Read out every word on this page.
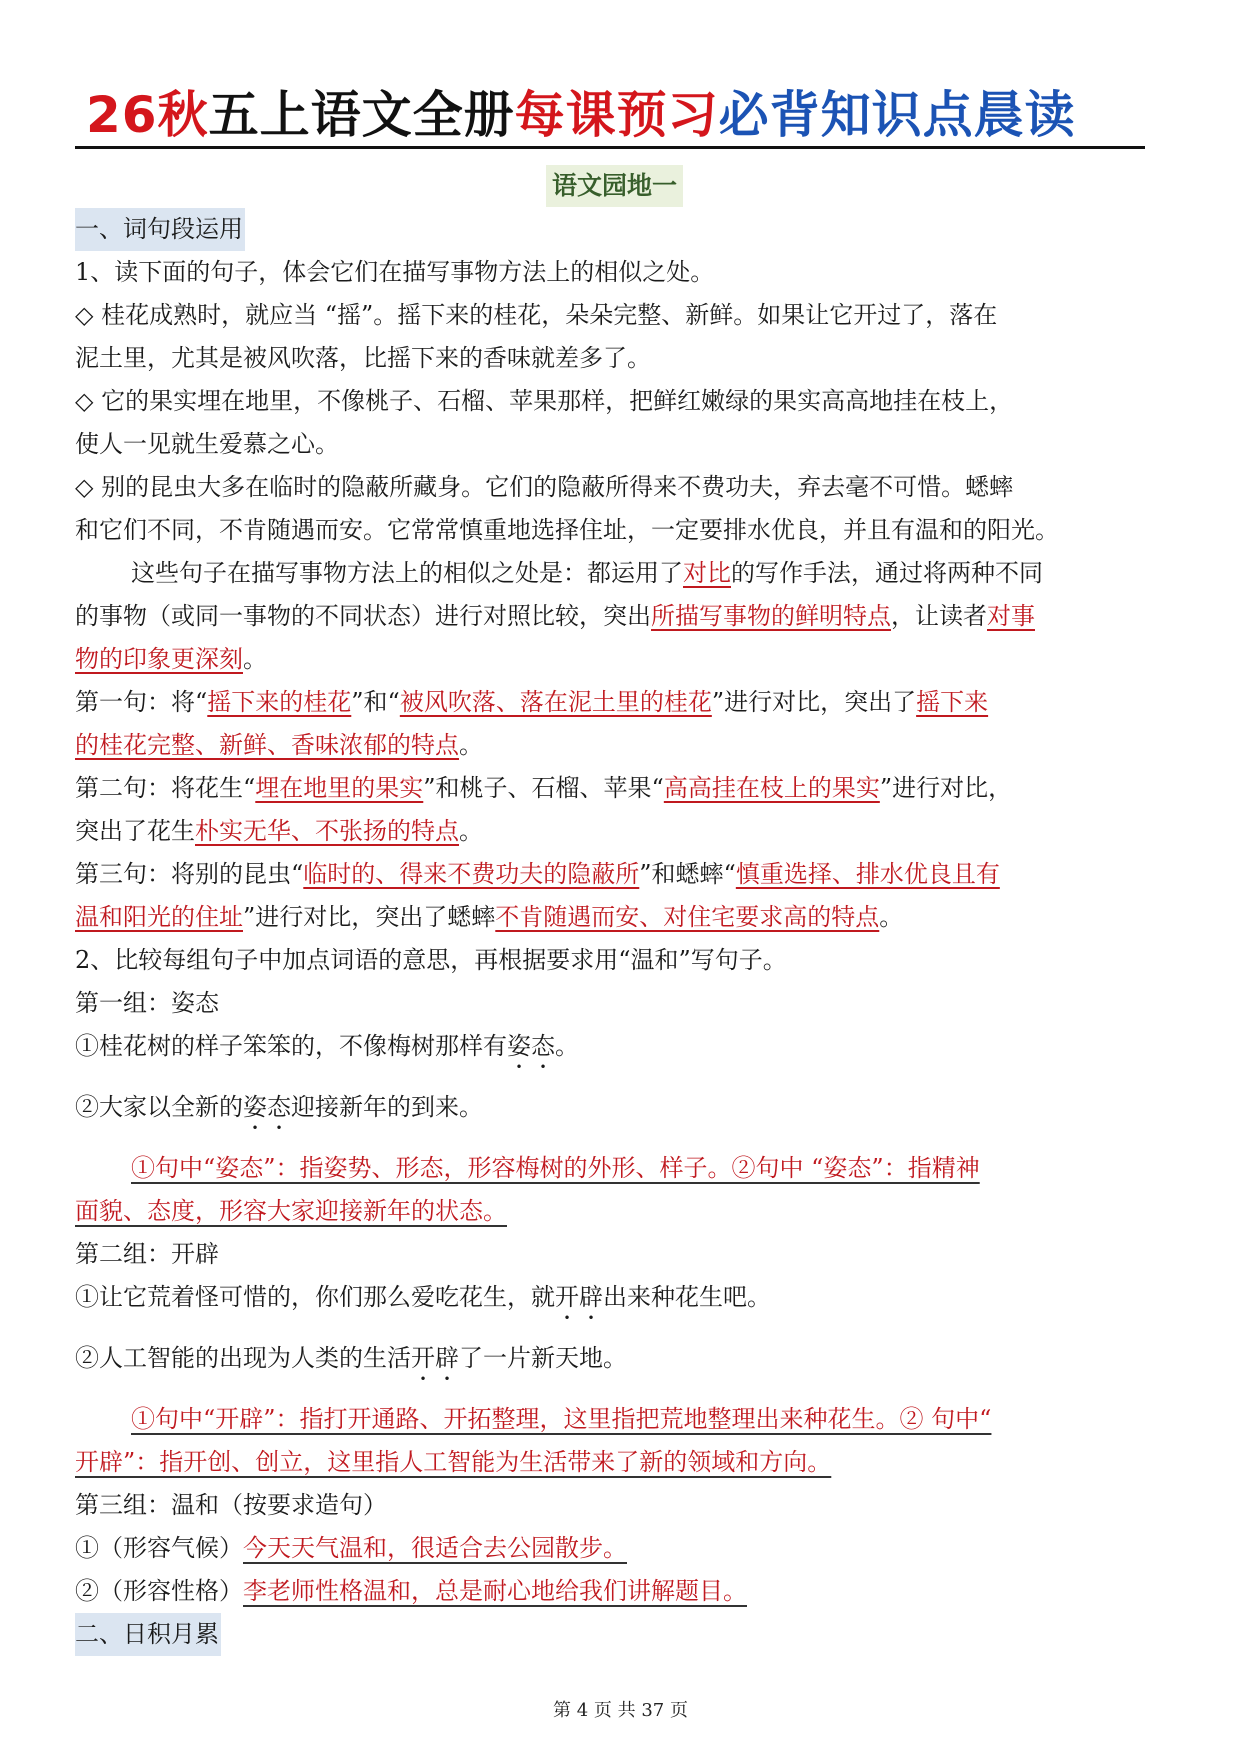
26秋五上语文全册每课预习必背知识点晨读
语文园地一

一、词句段运用

1、读下面的句子，体会它们在描写事物方法上的相似之处。

◇ 桂花成熟时，就应当 “摇”。摇下来的桂花，朵朵完整、新鲜。如果让它开过了，落在

泥土里，尤其是被风吹落，比摇下来的香味就差多了。

◇ 它的果实埋在地里，不像桃子、石榴、苹果那样，把鲜红嫩绿的果实高高地挂在枝上，

使人一见就生爱慕之心。

◇ 别的昆虫大多在临时的隐蔽所藏身。它们的隐蔽所得来不费功夫，弃去毫不可惜。蟋蟀

和它们不同，不肯随遇而安。它常常慎重地选择住址，一定要排水优良，并且有温和的阳光。

这些句子在描写事物方法上的相似之处是：都运用了对比的写作手法，通过将两种不同

的事物（或同一事物的不同状态）进行对照比较，突出所描写事物的鲜明特点，让读者对事

物的印象更深刻。

第一句：将“摇下来的桂花”和“被风吹落、落在泥土里的桂花”进行对比，突出了摇下来

的桂花完整、新鲜、香味浓郁的特点。

第二句：将花生“埋在地里的果实”和桃子、石榴、苹果“高高挂在枝上的果实”进行对比，

突出了花生朴实无华、不张扬的特点。

第三句：将别的昆虫“临时的、得来不费功夫的隐蔽所”和蟋蟀“慎重选择、排水优良且有

温和阳光的住址”进行对比，突出了蟋蟀不肯随遇而安、对住宅要求高的特点。

2、比较每组句子中加点词语的意思，再根据要求用“温和”写句子。

第一组：姿态

①桂花树的样子笨笨的，不像梅树那样有姿态。

②大家以全新的姿态迎接新年的到来。

①句中“姿态”：指姿势、形态，形容梅树的外形、样子。②句中 “姿态”：指精神

面貌、态度，形容大家迎接新年的状态。

第二组：开辟

①让它荒着怪可惜的，你们那么爱吃花生，就开辟出来种花生吧。

②人工智能的出现为人类的生活开辟了一片新天地。

①句中“开辟”：指打开通路、开拓整理，这里指把荒地整理出来种花生。② 句中“

开辟”：指开创、创立，这里指人工智能为生活带来了新的领域和方向。

第三组：温和（按要求造句）

①（形容气候）今天天气温和，很适合去公园散步。

②（形容性格）李老师性格温和，总是耐心地给我们讲解题目。

二、日积月累

第 4 页 共 37 页
